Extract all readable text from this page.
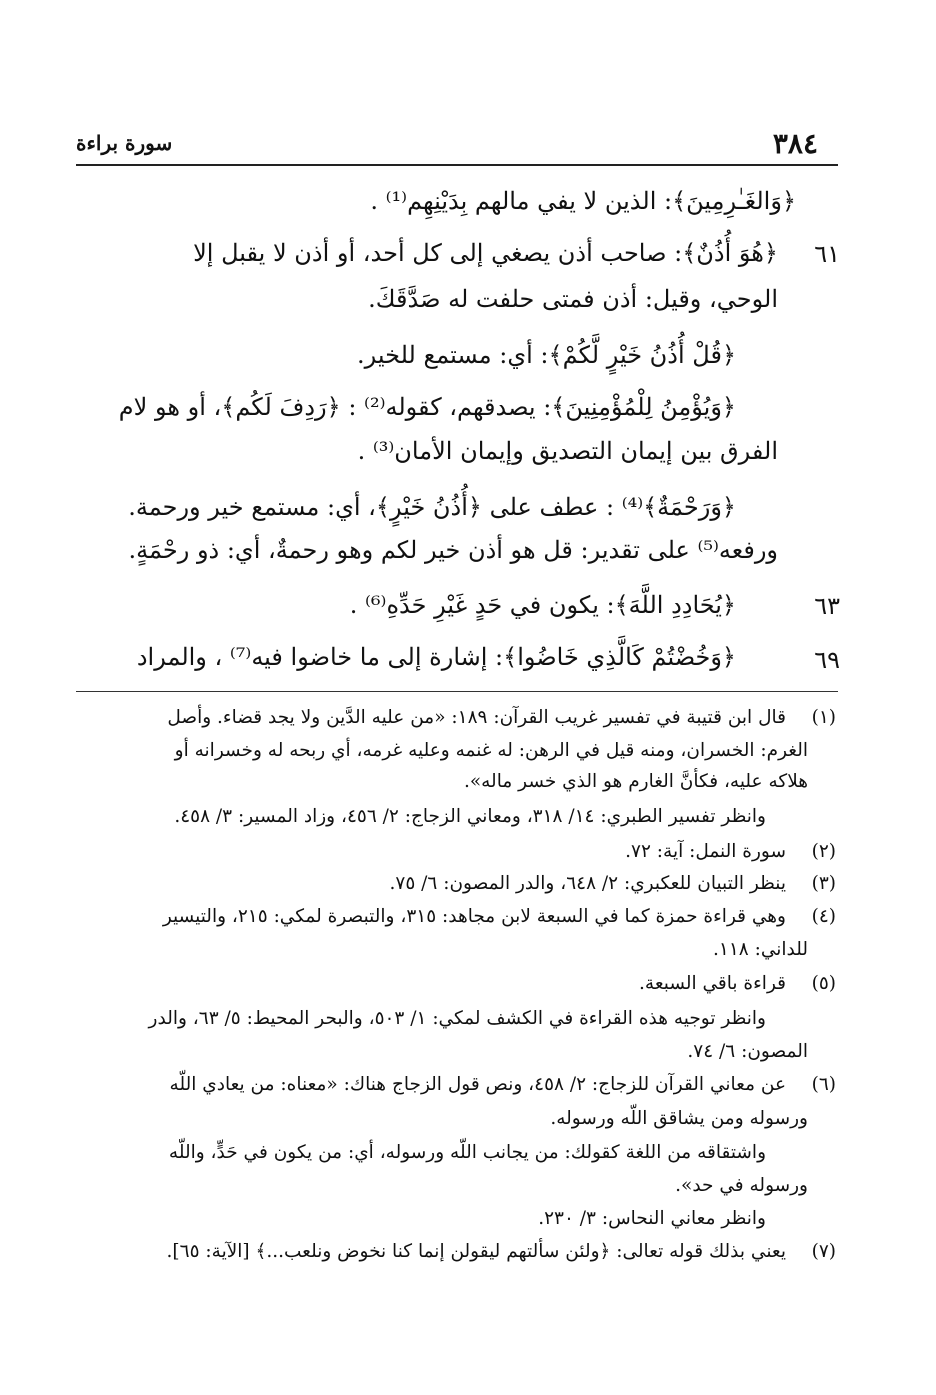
٣٨٤
سورة براءة
﴿وَالغَـٰرِمِينَ﴾: الذين لا يفي مالهم بِدَيْنِهِم⁽¹⁾ .
٦١
﴿هُوَ أُذُنٌ﴾: صاحب أذن يصغي إلى كل أحد، أو أذن لا يقبل إلا
الوحي، وقيل: أذن فمتى حلفت له صَدَّقَكَ.
﴿قُلْ أُذُنُ خَيْرٍ لَّكُمْ﴾: أي: مستمع للخير.
﴿وَيُؤْمِنُ لِلْمُؤْمِنِينَ﴾: يصدقهم، كقوله⁽²⁾ : ﴿رَدِفَ لَكُم﴾، أو هو لام
الفرق بين إيمان التصديق وإيمان الأمان⁽³⁾ .
﴿وَرَحْمَةٌ﴾⁽⁴⁾ : عطف على ﴿أُذُنُ خَيْرٍ﴾، أي: مستمع خير ورحمة.
ورفعه⁽⁵⁾ على تقدير: قل هو أذن خير لكم وهو رحمةٌ، أي: ذو رحْمَةٍ.
٦٣
﴿يُحَادِدِ اللَّهَ﴾: يكون في حَدٍ غَيْرِ حَدِّهِ⁽⁶⁾ .
٦٩
﴿وَخُضْتُمْ كَالَّذِي خَاضُوا﴾: إشارة إلى ما خاضوا فيه⁽⁷⁾ ، والمراد
(١)
قال ابن قتيبة في تفسير غريب القرآن: ١٨٩: «من عليه الدَّين ولا يجد قضاء. وأصل
الغرم: الخسران، ومنه قيل في الرهن: له غنمه وعليه غرمه، أي ربحه له وخسرانه أو
هلاكه عليه، فكأنَّ الغارم هو الذي خسر ماله».
وانظر تفسير الطبري: ١٤/ ٣١٨، ومعاني الزجاج: ٢/ ٤٥٦، وزاد المسير: ٣/ ٤٥٨.
(٢)
سورة النمل: آية: ٧٢.
(٣)
ينظر التبيان للعكبري: ٢/ ٦٤٨، والدر المصون: ٦/ ٧٥.
(٤)
وهي قراءة حمزة كما في السبعة لابن مجاهد: ٣١٥، والتبصرة لمكي: ٢١٥، والتيسير
للداني: ١١٨.
(٥)
قراءة باقي السبعة.
وانظر توجيه هذه القراءة في الكشف لمكي: ١/ ٥٠٣، والبحر المحيط: ٥/ ٦٣، والدر
المصون: ٦/ ٧٤.
(٦)
عن معاني القرآن للزجاج: ٢/ ٤٥٨، ونص قول الزجاج هناك: «معناه: من يعادي اللّه
ورسوله ومن يشاقق اللّه ورسوله.
واشتقاقه من اللغة كقولك: من يجانب اللّه ورسوله، أي: من يكون في حَدٍّ، واللّه
ورسوله في حد».
وانظر معاني النحاس: ٣/ ٢٣٠.
(٧)
يعني بذلك قوله تعالى: ﴿ولئن سألتهم ليقولن إنما كنا نخوض ونلعب...﴾ [الآية: ٦٥].
